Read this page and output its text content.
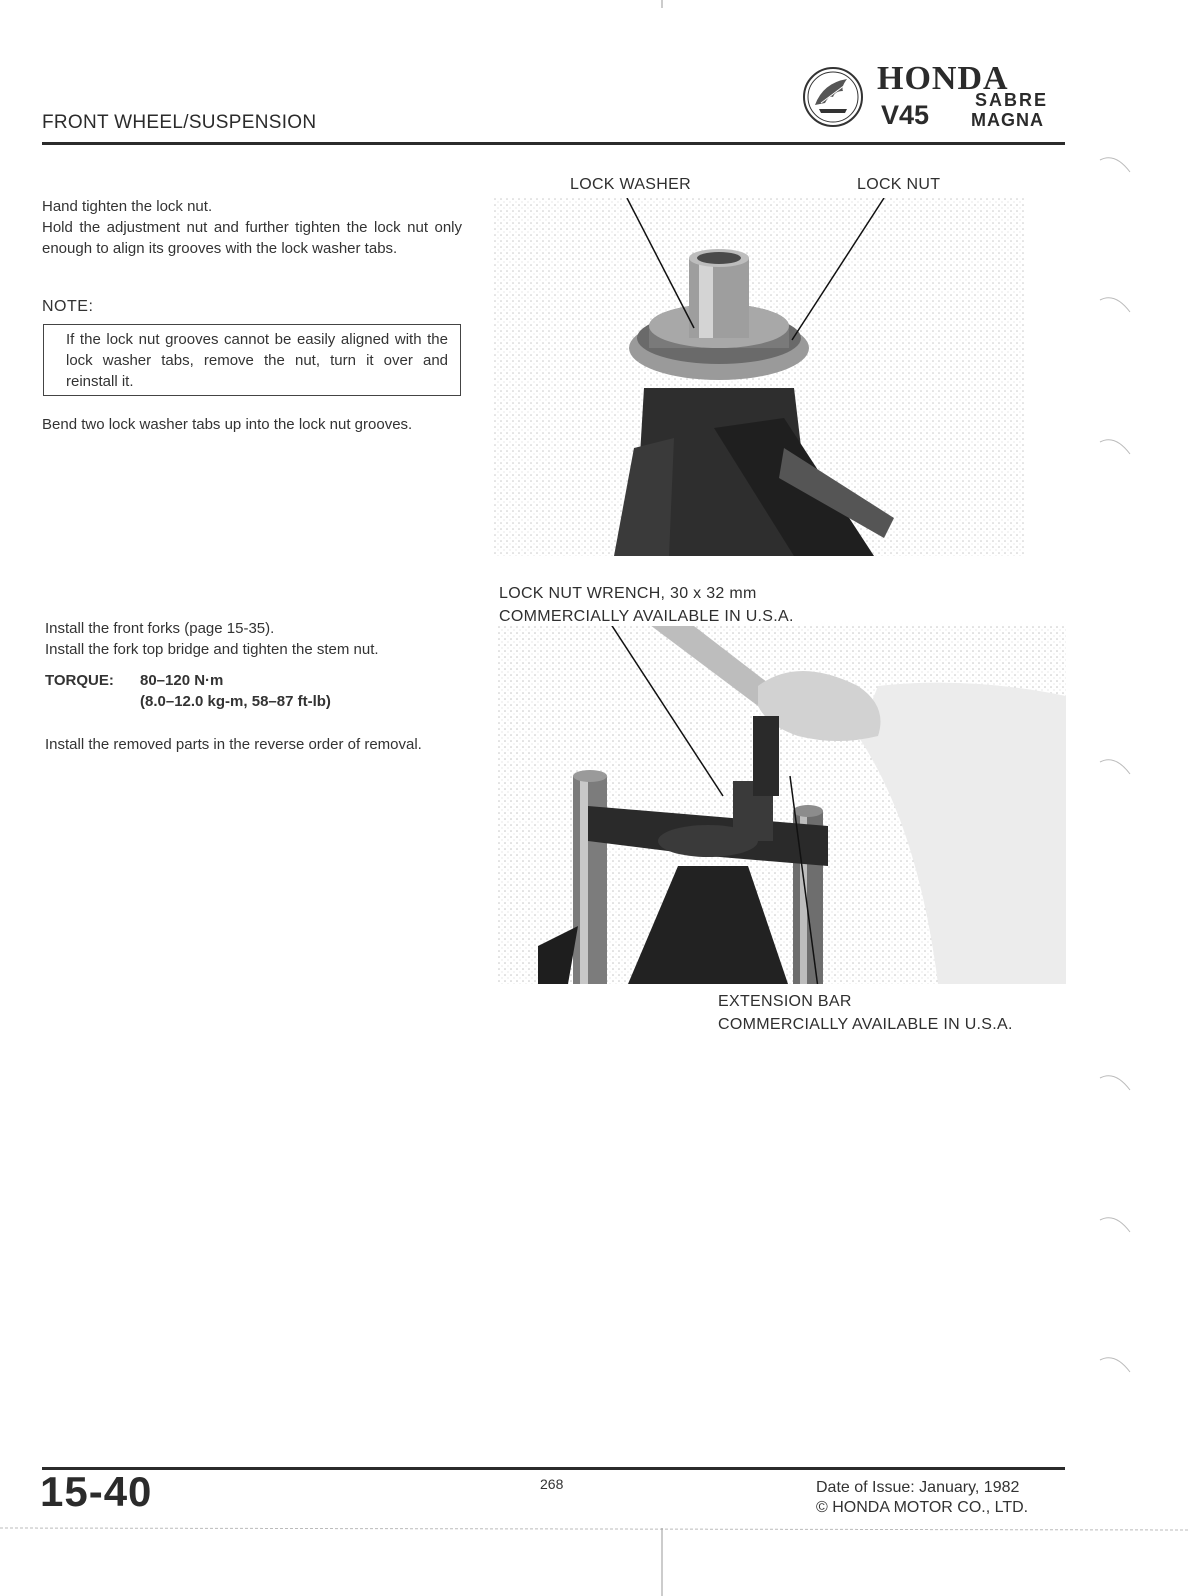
FRONT WHEEL/SUSPENSION
HONDA
V45	SABRE
MAGNA
Hand tighten the lock nut.
Hold the adjustment nut and further tighten the lock nut only enough to align its grooves with the lock washer tabs.
NOTE:
If the lock nut grooves cannot be easily aligned with the lock washer tabs, remove the nut, turn it over and reinstall it.
Bend two lock washer tabs up into the lock nut grooves.
Install the front forks (page 15-35).
Install the fork top bridge and tighten the stem nut.
TORQUE: 80–120 N·m
(8.0–12.0 kg-m, 58–87 ft-lb)
Install the removed parts in the reverse order of removal.
LOCK WASHER	LOCK NUT
LOCK NUT WRENCH, 30 x 32 mm
COMMERCIALLY AVAILABLE IN U.S.A.
EXTENSION BAR
COMMERCIALLY AVAILABLE IN U.S.A.
15-40	268	Date of Issue: January, 1982
© HONDA MOTOR CO., LTD.
